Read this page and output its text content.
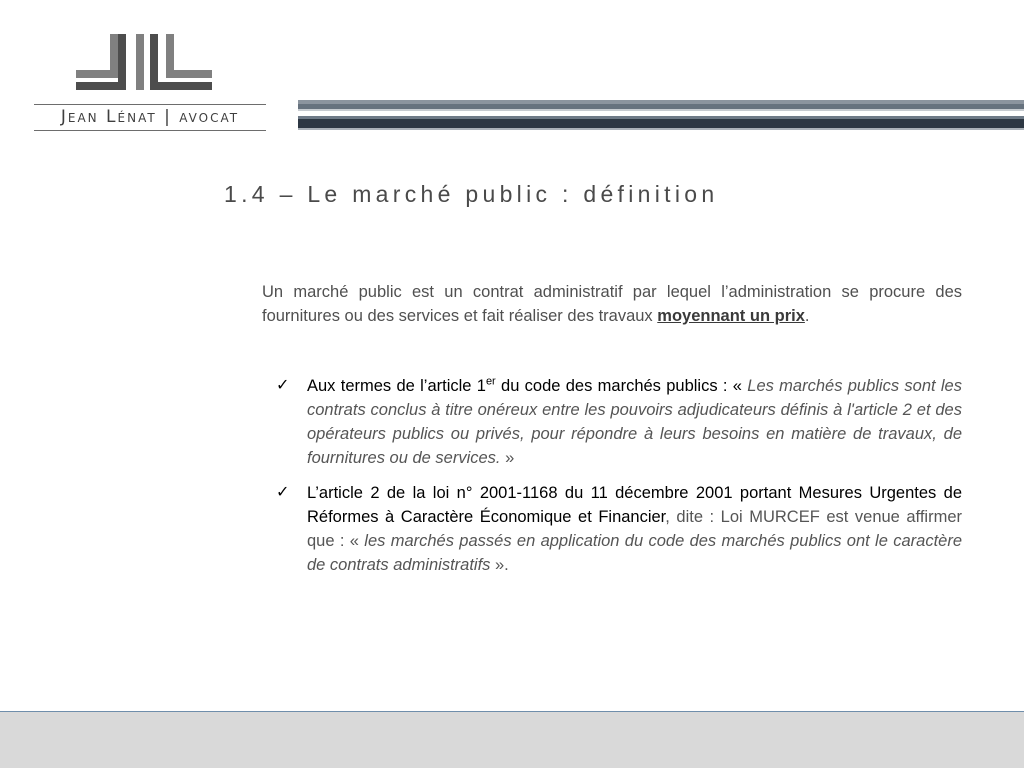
Jean Lénat | avocat
1.4 – Le marché public : définition

Un marché public est un contrat administratif par lequel l’administration se procure des fournitures ou des services et fait réaliser des travaux moyennant un prix.

✓ Aux termes de l’article 1er du code des marchés publics : « Les marchés publics sont les contrats conclus à titre onéreux entre les pouvoirs adjudicateurs définis à l'article 2 et des opérateurs publics ou privés, pour répondre à leurs besoins en matière de travaux, de fournitures ou de services. »
✓ L’article 2 de la loi n° 2001-1168 du 11 décembre 2001 portant Mesures Urgentes de Réformes à Caractère Économique et Financier, dite : Loi MURCEF est venue affirmer que : « les marchés passés en application du code des marchés publics ont le caractère de contrats administratifs ».
